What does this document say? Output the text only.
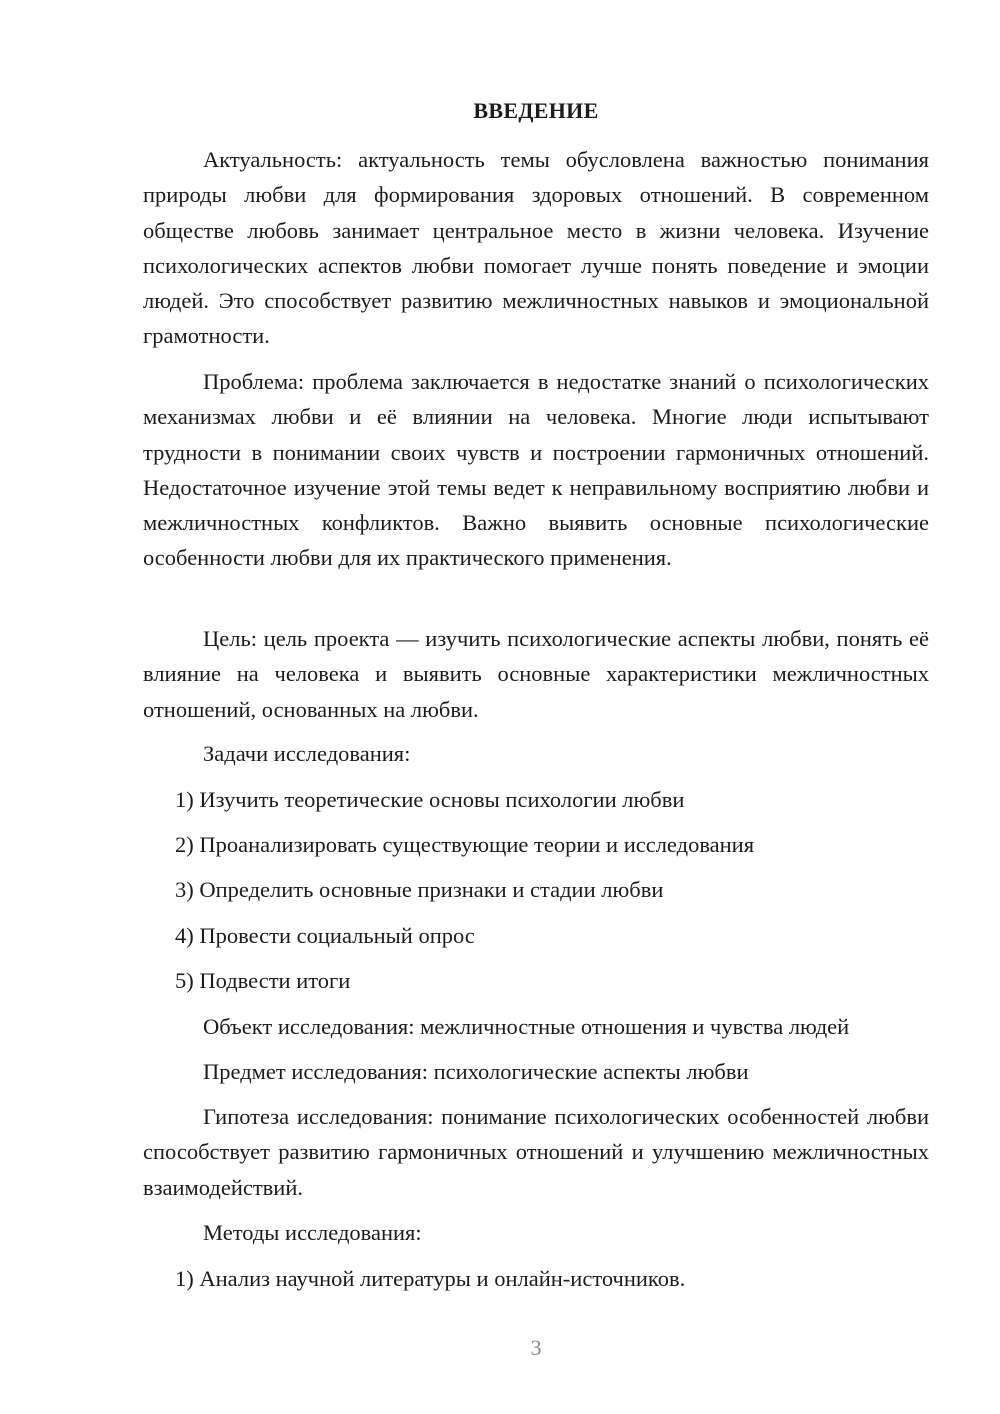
ВВЕДЕНИЕ

Актуальность: актуальность темы обусловлена важностью понимания природы любви для формирования здоровых отношений. В современном обществе любовь занимает центральное место в жизни человека. Изучение психологических аспектов любви помогает лучше понять поведение и эмоции людей. Это способствует развитию межличностных навыков и эмоциональной грамотности.

Проблема: проблема заключается в недостатке знаний о психологических механизмах любви и её влиянии на человека. Многие люди испытывают трудности в понимании своих чувств и построении гармоничных отношений. Недостаточное изучение этой темы ведет к неправильному восприятию любви и межличностных конфликтов. Важно выявить основные психологические особенности любви для их практического применения.

Цель: цель проекта — изучить психологические аспекты любви, понять её влияние на человека и выявить основные характеристики межличностных отношений, основанных на любви.

Задачи исследования:
1) Изучить теоретические основы психологии любви
2) Проанализировать существующие теории и исследования
3) Определить основные признаки и стадии любви
4) Провести социальный опрос
5) Подвести итоги
Объект исследования: межличностные отношения и чувства людей
Предмет исследования: психологические аспекты любви

Гипотеза исследования: понимание психологических особенностей любви способствует развитию гармоничных отношений и улучшению межличностных взаимодействий.

Методы исследования:
1) Анализ научной литературы и онлайн-источников.
3
